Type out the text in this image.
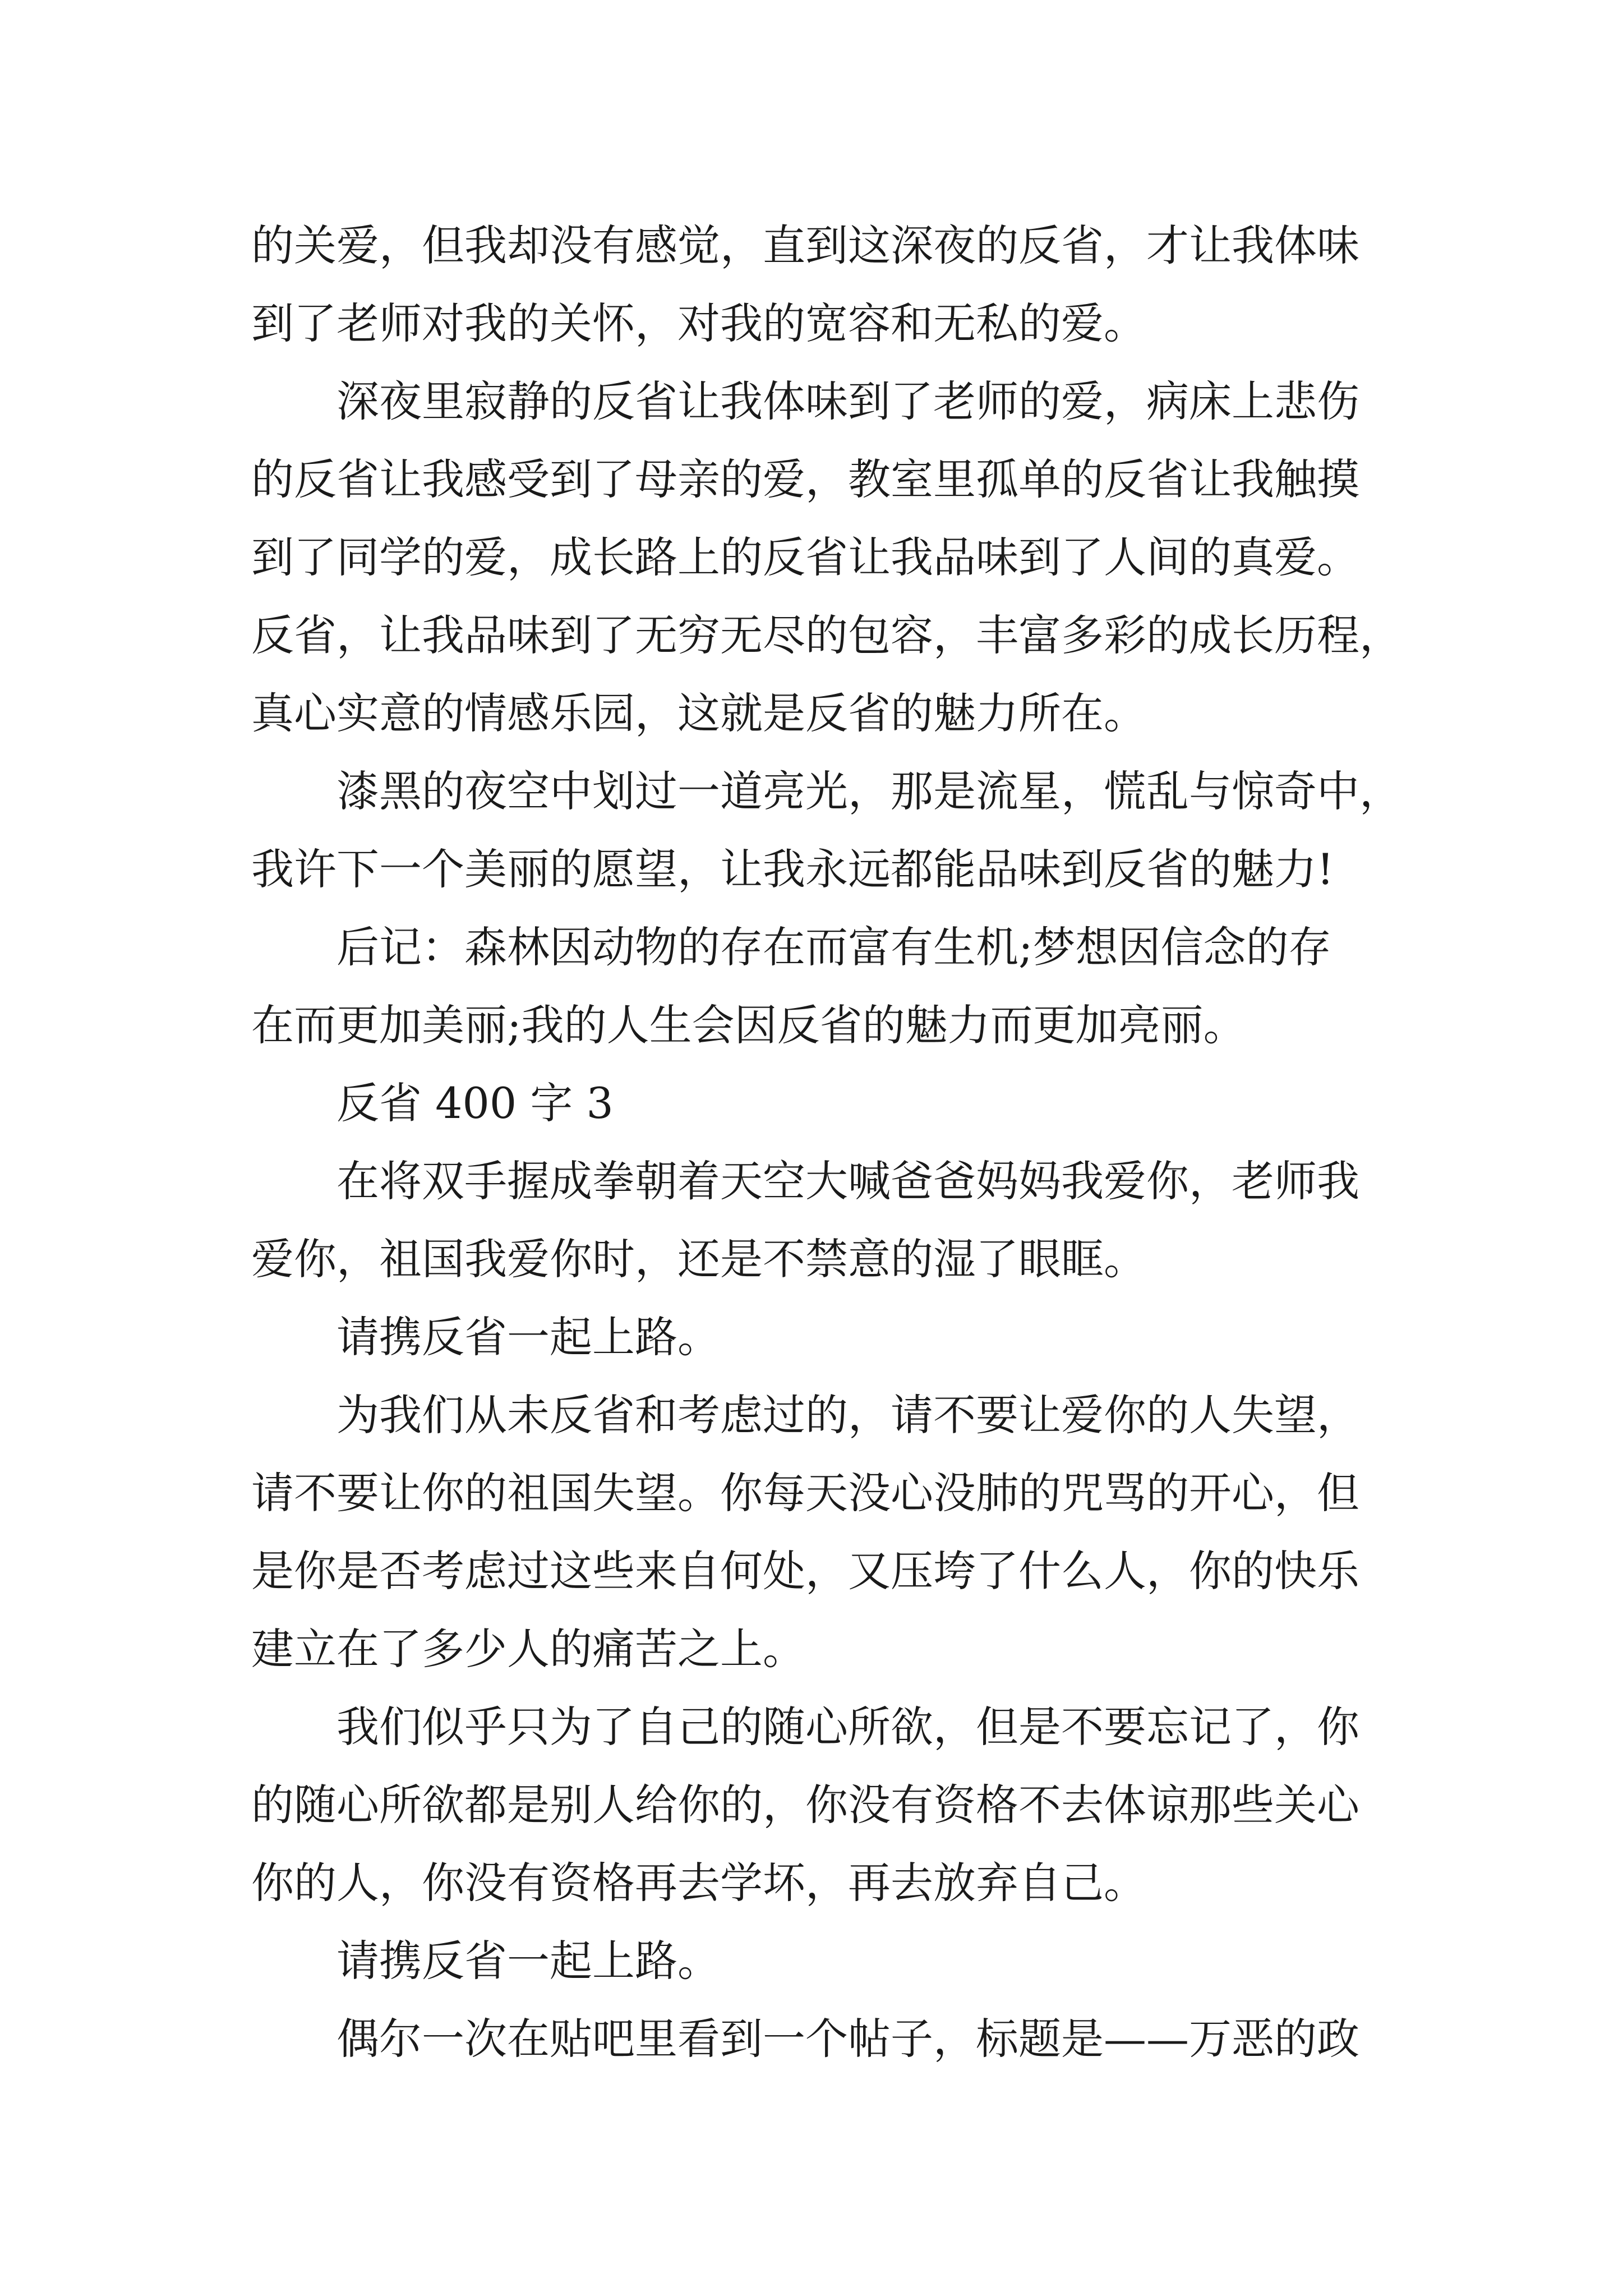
的关爱，但我却没有感觉，直到这深夜的反省，才让我体味
到了老师对我的关怀，对我的宽容和无私的爱。
深夜里寂静的反省让我体味到了老师的爱，病床上悲伤
的反省让我感受到了母亲的爱，教室里孤单的反省让我触摸
到了同学的爱，成长路上的反省让我品味到了人间的真爱。
反省，让我品味到了无穷无尽的包容，丰富多彩的成长历程，
真心实意的情感乐园，这就是反省的魅力所在。
漆黑的夜空中划过一道亮光，那是流星，慌乱与惊奇中，
我许下一个美丽的愿望，让我永远都能品味到反省的魅力!
后记：森林因动物的存在而富有生机;梦想因信念的存
在而更加美丽;我的人生会因反省的魅力而更加亮丽。
反省 400 字 3
在将双手握成拳朝着天空大喊爸爸妈妈我爱你，老师我
爱你，祖国我爱你时，还是不禁意的湿了眼眶。
请携反省一起上路。
为我们从未反省和考虑过的，请不要让爱你的人失望，
请不要让你的祖国失望。你每天没心没肺的咒骂的开心，但
是你是否考虑过这些来自何处，又压垮了什么人，你的快乐
建立在了多少人的痛苦之上。
我们似乎只为了自己的随心所欲，但是不要忘记了，你
的随心所欲都是别人给你的，你没有资格不去体谅那些关心
你的人，你没有资格再去学坏，再去放弃自己。
请携反省一起上路。
偶尔一次在贴吧里看到一个帖子，标题是——万恶的政
